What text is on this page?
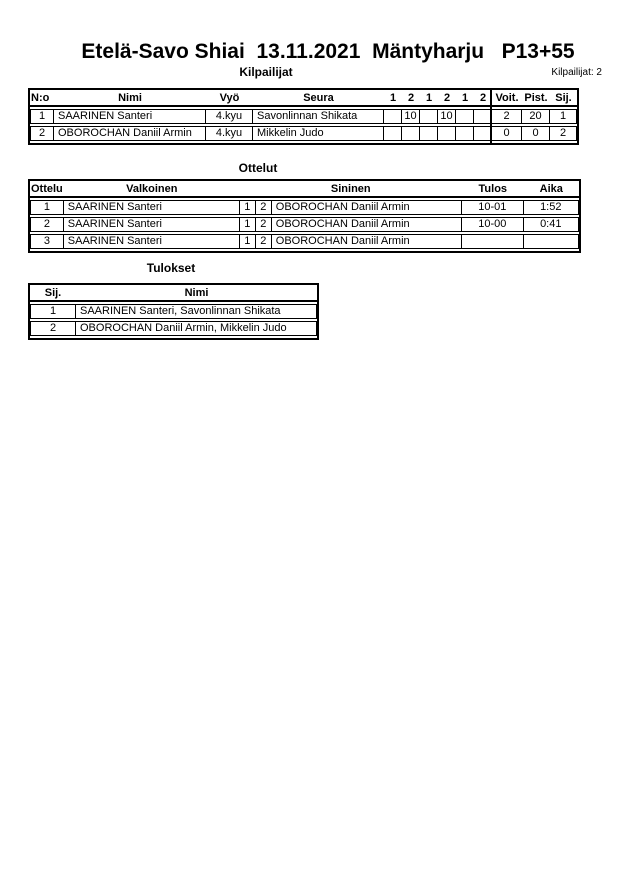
Etelä-Savo Shiai  13.11.2021  Mäntyharju   P13+55
Kilpailijat	Kilpailijat: 2
N:o	Nimi	Vyö	Seura	1	2	1	2	1	2	Voit.	Pist.	Sij.
1	SAARINEN Santeri	4.kyu	Savonlinnan Shikata		10		10			2	20	1
2	OBOROCHAN Daniil Armin	4.kyu	Mikkelin Judo							0	0	2
Ottelut
Ottelu	Valkoinen	Sininen			Tulos	Aika
1	SAARINEN Santeri	1	2	OBOROCHAN Daniil Armin	10-01	1:52
2	SAARINEN Santeri	1	2	OBOROCHAN Daniil Armin	10-00	0:41
3	SAARINEN Santeri	1	2	OBOROCHAN Daniil Armin		
Tulokset
Sij.	Nimi
1	SAARINEN Santeri, Savonlinnan Shikata
2	OBOROCHAN Daniil Armin, Mikkelin Judo
